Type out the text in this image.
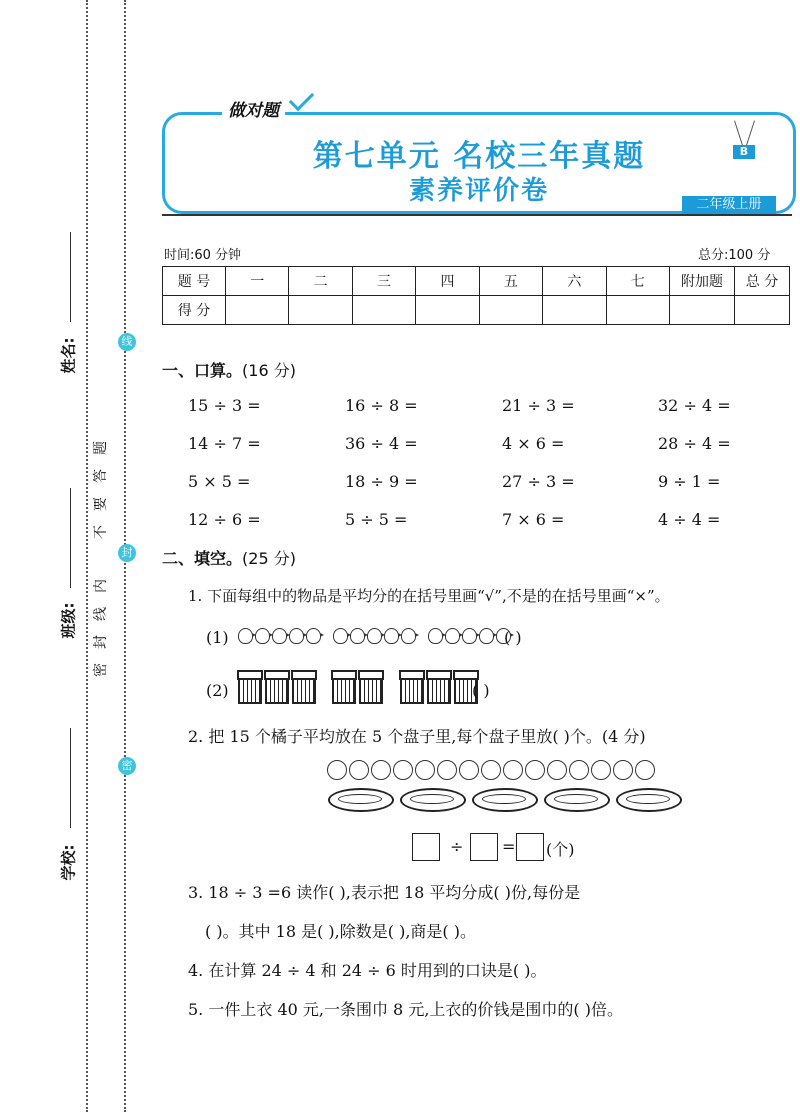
姓名:
班级:
学校:
线
封
密
密
封
线
内
不
要
答
题
第七单元 名校三年真题
素养评价卷
做对题
B
二年级上册
时间:60 分钟	总分:100 分
题 号	一	二	三	四	五	六	七	附加题	总 分
得 分									
一、口算。(16 分)
15 ÷ 3 =	16 ÷ 8 =	21 ÷ 3 =	32 ÷ 4 =
14 ÷ 7 =	36 ÷ 4 =	4 × 6 =	28 ÷ 4 =
5 × 5 =	18 ÷ 9 =	27 ÷ 3 =	9 ÷ 1 =
12 ÷ 6 =	5 ÷ 5 =	7 × 6 =	4 ÷ 4 =
二、填空。(25 分)
1. 下面每组中的物品是平均分的在括号里画“√”,不是的在括号里画“×”。
(1)	( )
(2)	( )
2. 把 15 个橘子平均放在 5 个盘子里,每个盘子里放( )个。(4 分)
÷ = (个)
3. 18 ÷ 3 =6 读作( ),表示把 18 平均分成( )份,每份是
( )。其中 18 是( ),除数是( ),商是( )。
4. 在计算 24 ÷ 4 和 24 ÷ 6 时用到的口诀是( )。
5. 一件上衣 40 元,一条围巾 8 元,上衣的价钱是围巾的( )倍。
